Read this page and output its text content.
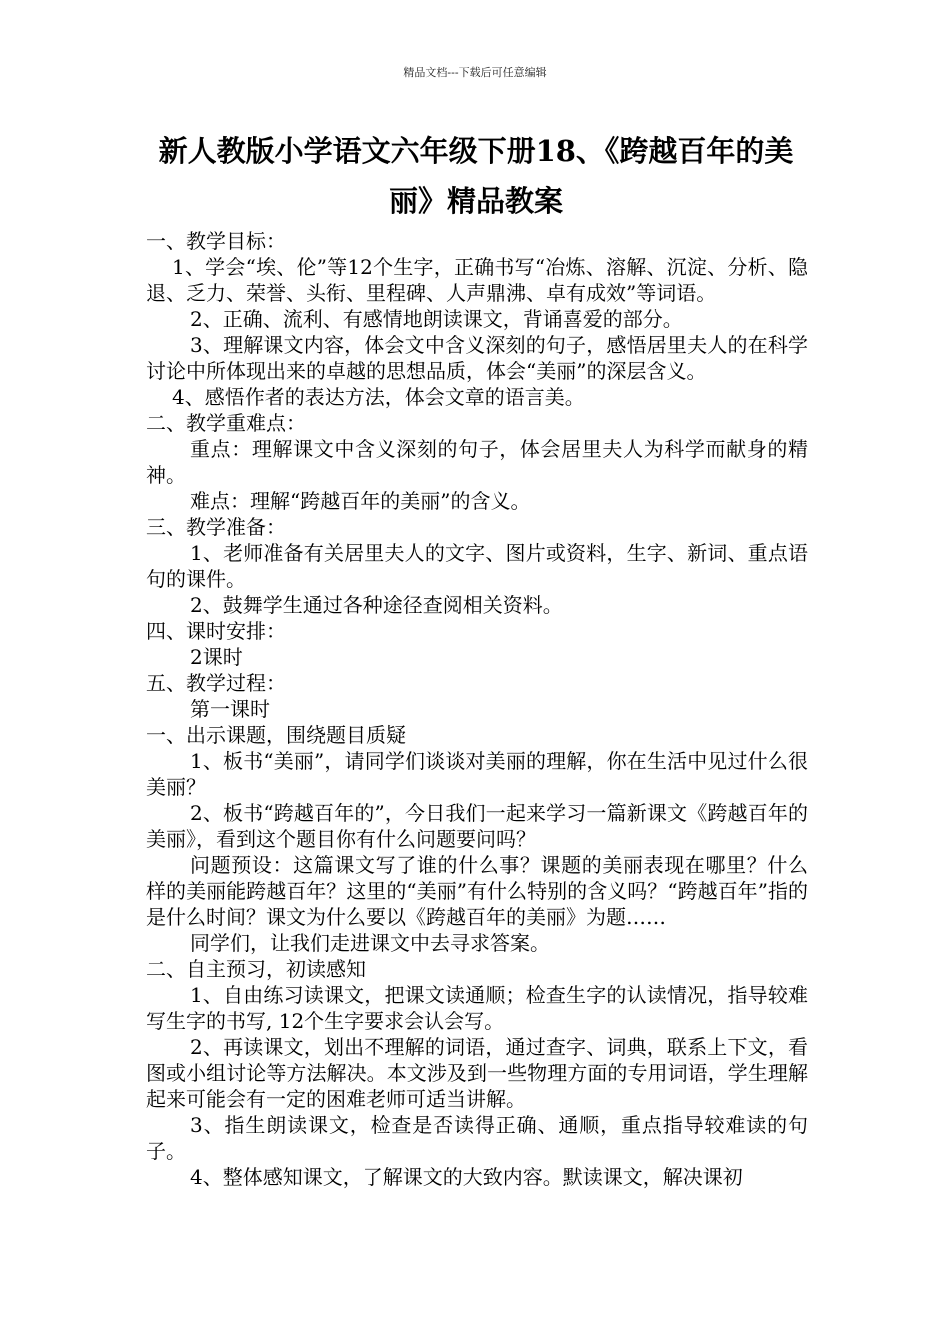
精品文档---下载后可任意编辑
新人教版小学语文六年级下册18、《跨越百年的美丽》精品教案

一、教学目标：

1、学会“埃、伦”等12个生字，正确书写“冶炼、溶解、沉淀、分析、隐退、乏力、荣誉、头衔、里程碑、人声鼎沸、卓有成效”等词语。

2、正确、流利、有感情地朗读课文，背诵喜爱的部分。

3、理解课文内容，体会文中含义深刻的句子，感悟居里夫人的在科学讨论中所体现出来的卓越的思想品质，体会“美丽”的深层含义。

4、感悟作者的表达方法，体会文章的语言美。

二、教学重难点：

重点：理解课文中含义深刻的句子，体会居里夫人为科学而献身的精神。

难点：理解“跨越百年的美丽”的含义。

三、教学准备：

1、老师准备有关居里夫人的文字、图片或资料，生字、新词、重点语句的课件。

2、鼓舞学生通过各种途径查阅相关资料。

四、课时安排：

2课时

五、教学过程：

第一课时

一、出示课题，围绕题目质疑

1、板书“美丽”，请同学们谈谈对美丽的理解，你在生活中见过什么很美丽？

2、板书“跨越百年的”，今日我们一起来学习一篇新课文《跨越百年的美丽》，看到这个题目你有什么问题要问吗？

问题预设：这篇课文写了谁的什么事？课题的美丽表现在哪里？什么样的美丽能跨越百年？这里的“美丽”有什么特别的含义吗？“跨越百年”指的是什么时间？课文为什么要以《跨越百年的美丽》为题……

同学们，让我们走进课文中去寻求答案。

二、自主预习，初读感知

1、自由练习读课文，把课文读通顺；检查生字的认读情况，指导较难写生字的书写, 12个生字要求会认会写。

2、再读课文，划出不理解的词语，通过查字、词典，联系上下文，看图或小组讨论等方法解决。本文涉及到一些物理方面的专用词语，学生理解起来可能会有一定的困难老师可适当讲解。

3、指生朗读课文，检查是否读得正确、通顺，重点指导较难读的句子。

4、整体感知课文，了解课文的大致内容。默读课文，解决课初
